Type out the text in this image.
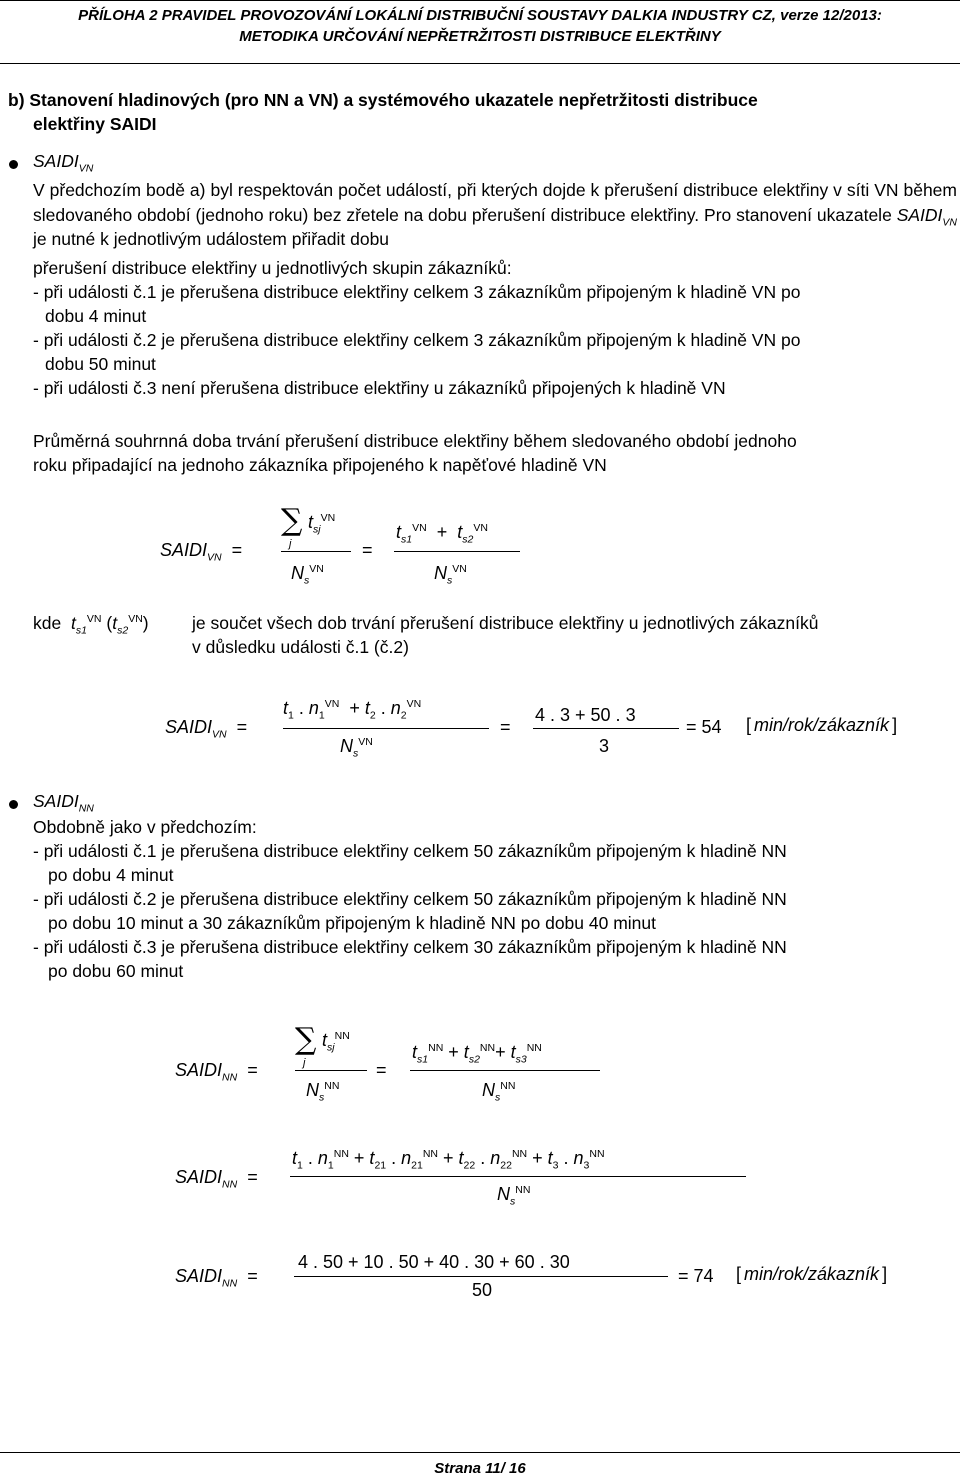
PŘÍLOHA 2 PRAVIDEL PROVOZOVÁNÍ LOKÁLNÍ DISTRIBUČNÍ SOUSTAVY DALKIA INDUSTRY CZ, verze 12/2013:
METODIKA URČOVÁNÍ NEPŘETRŽITOSTI DISTRIBUCE ELEKTŘINY
b) Stanovení hladinových (pro NN a VN) a systémového ukazatele nepřetržitosti distribuce
elektřiny SAIDI
$SAIDI_{VN}$
V předchozím bodě a) byl respektován počet událostí, při kterých dojde k přerušení distribuce elektřiny v síti VN během sledovaného období (jednoho roku) bez zřetele na dobu přerušení distribuce elektřiny. Pro stanovení ukazatele $SAIDI_{VN}$ je nutné k jednotlivým událostem přiřadit dobu
přerušení distribuce elektřiny u jednotlivých skupin zákazníků:
- při události č.1 je přerušena distribuce elektřiny celkem 3 zákazníkům připojeným k hladině VN po
dobu 4 minut
- při události č.2 je přerušena distribuce elektřiny celkem 3 zákazníkům připojeným k hladině VN po
dobu 50 minut
- při události č.3 není přerušena distribuce elektřiny u zákazníků připojených k hladině VN
Průměrná souhrnná doba trvání přerušení distribuce elektřiny během sledovaného období jednoho
roku připadající na jednoho zákazníka připojeného k napěťové hladině VN
$SAIDI_{VN}$  =
∑ $t_{sj}^{VN}$
j
$N_s^{VN}$
=
$t_{s1}^{VN} + t_{s2}^{VN}$
$N_s^{VN}$
kde $t_{s1}^{VN}$ $(t_{s2}^{VN})$ je součet všech dob trvání přerušení distribuce elektřiny u jednotlivých zákazníků
v důsledku události č.1 (č.2)
$SAIDI_{VN}$  =
$t_1$ . $n_1^{VN} + t_2$ . $n_2^{VN}$
$N_s^{VN}$
=
4 . 3 + 50 . 3
3
= 54 [ min/rok/zákazník ]
$SAIDI_{NN}$
Obdobně jako v předchozím:
- při události č.1 je přerušena distribuce elektřiny celkem 50 zákazníkům připojeným k hladině NN
po dobu 4 minut
- při události č.2 je přerušena distribuce elektřiny celkem 50 zákazníkům připojeným k hladině NN
po dobu 10 minut a 30 zákazníkům připojeným k hladině NN po dobu 40 minut
- při události č.3 je přerušena distribuce elektřiny celkem 30 zákazníkům připojeným k hladině NN
po dobu 60 minut
$SAIDI_{NN}$  =
∑ $t_{sj}^{NN}$
j
$N_s^{NN}$
=
$t_{s1}^{NN} + t_{s2}^{NN}+ t_{s3}^{NN}$
$N_s^{NN}$
$SAIDI_{NN}$  =
$t_1$ . $n_1^{NN} + t_{21}$ . $n_{21}^{NN} + t_{22}$ . $n_{22}^{NN} + t_3$ . $n_3^{NN}$
$N_s^{NN}$
$SAIDI_{NN}$  =
4 . 50 + 10 . 50 + 40 . 30 + 60 . 30
50
= 74 [ min/rok/zákazník ]
Strana 11/ 16
